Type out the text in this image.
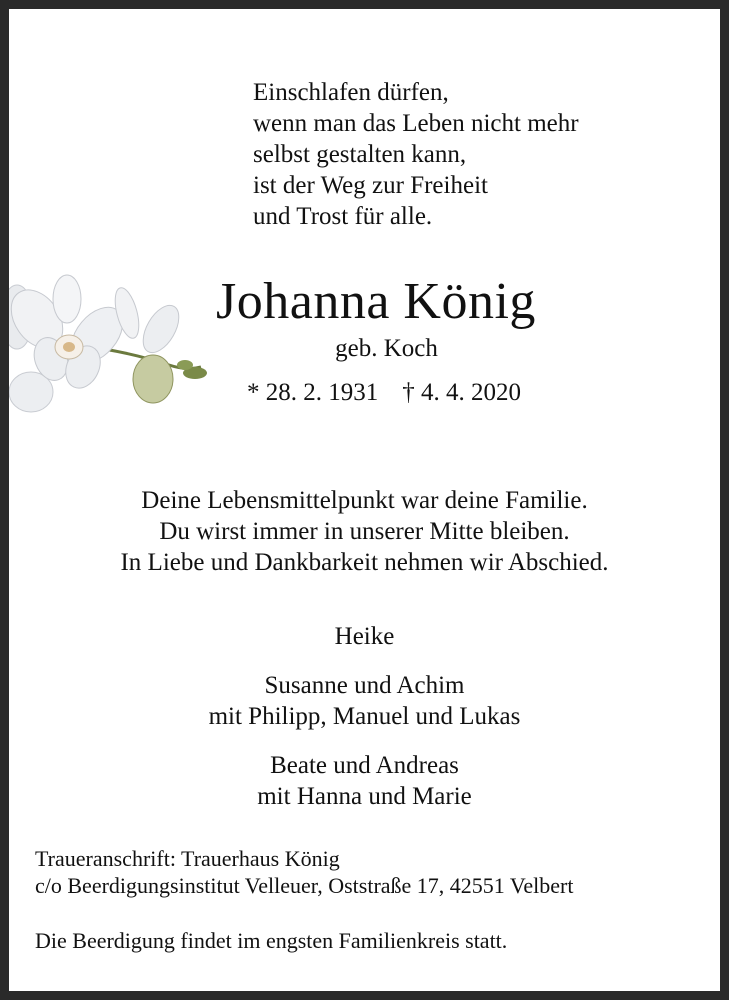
Einschlafen dürfen,
wenn man das Leben nicht mehr
selbst gestalten kann,
ist der Weg zur Freiheit
und Trost für alle.
Johanna König
geb. Koch
* 28. 2. 1931 † 4. 4. 2020
Deine Lebensmittelpunkt war deine Familie.
Du wirst immer in unserer Mitte bleiben.
In Liebe und Dankbarkeit nehmen wir Abschied.
Heike
Susanne und Achim
mit Philipp, Manuel und Lukas
Beate und Andreas
mit Hanna und Marie
Traueranschrift: Trauerhaus König
c/o Beerdigungsinstitut Velleuer, Oststraße 17, 42551 Velbert
Die Beerdigung findet im engsten Familienkreis statt.
